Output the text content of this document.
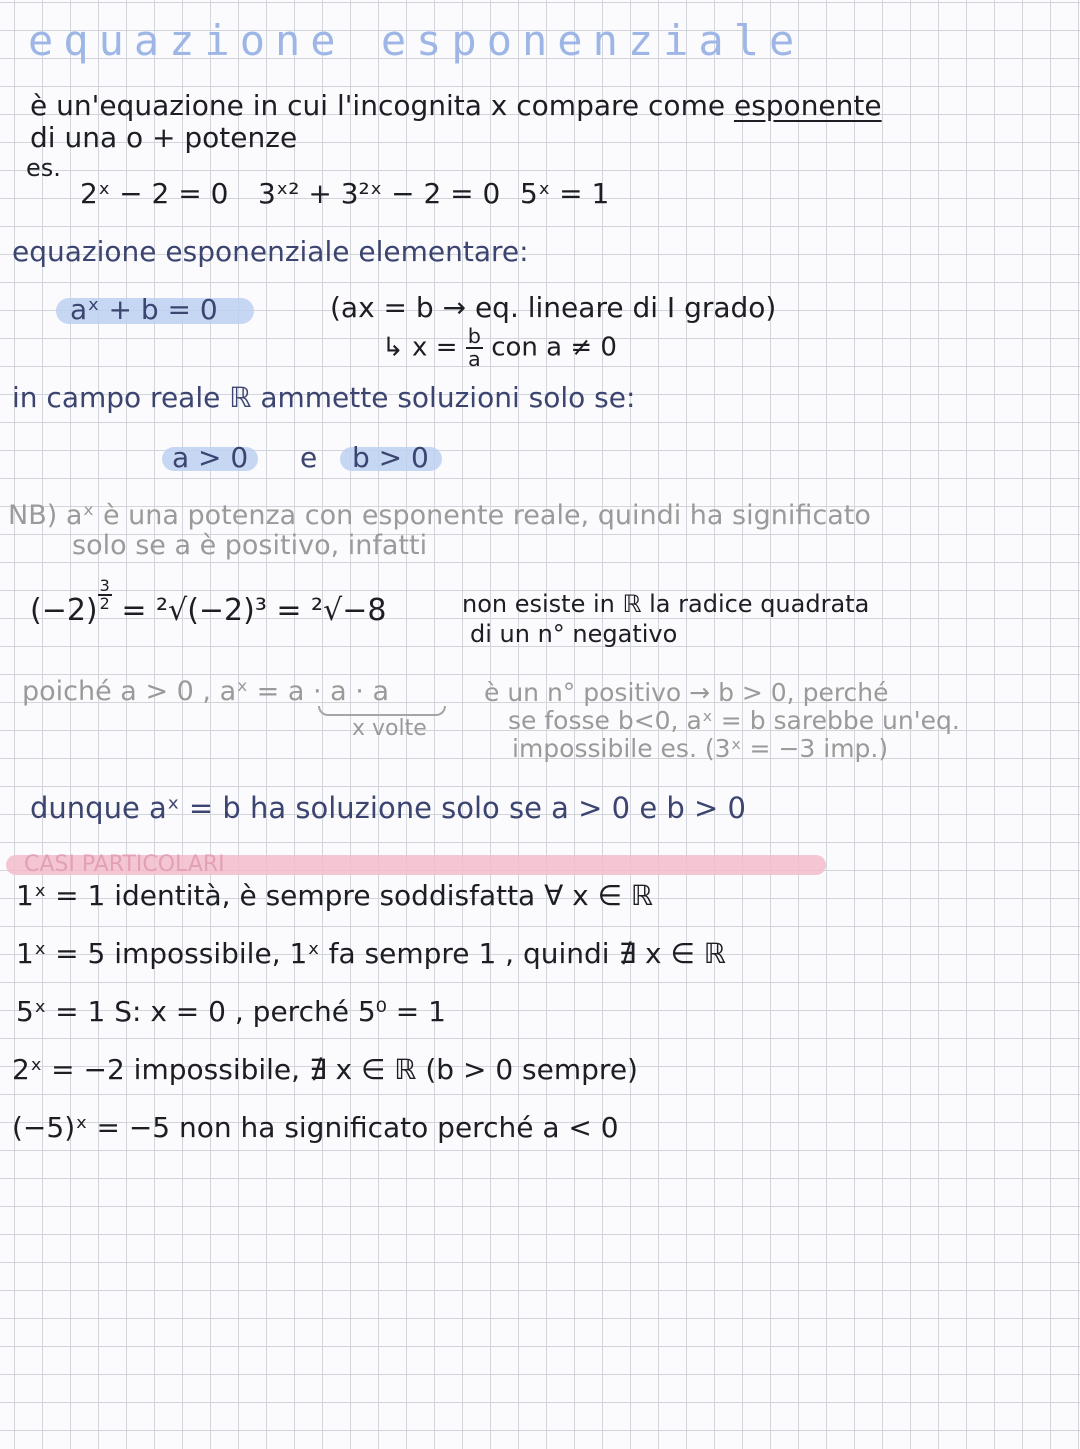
equazione esponenziale
è un'equazione in cui l'incognita x compare come esponente
di una o + potenze
es.
2ˣ − 2 = 0 3ˣ² + 3²ˣ − 2 = 0 5ˣ = 1
equazione esponenziale elementare:
aˣ + b = 0	(ax = b → eq. lineare di I grado)
↳ $x = \frac{b}{a}$ con a ≠ 0
in campo reale ℝ ammette soluzioni solo se:
a > 0 e b > 0
NB) aˣ è una potenza con esponente reale, quindi ha significato
solo se a è positivo, infatti
(−2) $^{\frac{3}{2}}$ = ²√(−2)³ = ²√−8	non esiste in ℝ la radice quadrata
di un n° negativo
poiché a > 0 , aˣ = a · a · a
x volte
è un n° positivo → b > 0, perché
se fosse b<0, aˣ = b sarebbe un'eq.
impossibile es. (3ˣ = −3 imp.)
dunque aˣ = b ha soluzione solo se a > 0 e b > 0
CASI PARTICOLARI
1ˣ = 1 identità, è sempre soddisfatta ∀ x ∈ ℝ
1ˣ = 5 impossibile, 1ˣ fa sempre 1 , quindi ∄ x ∈ ℝ
5ˣ = 1 S: x = 0 , perché 5⁰ = 1
2ˣ = −2 impossibile, ∄ x ∈ ℝ (b > 0 sempre)
(−5)ˣ = −5 non ha significato perché a < 0
